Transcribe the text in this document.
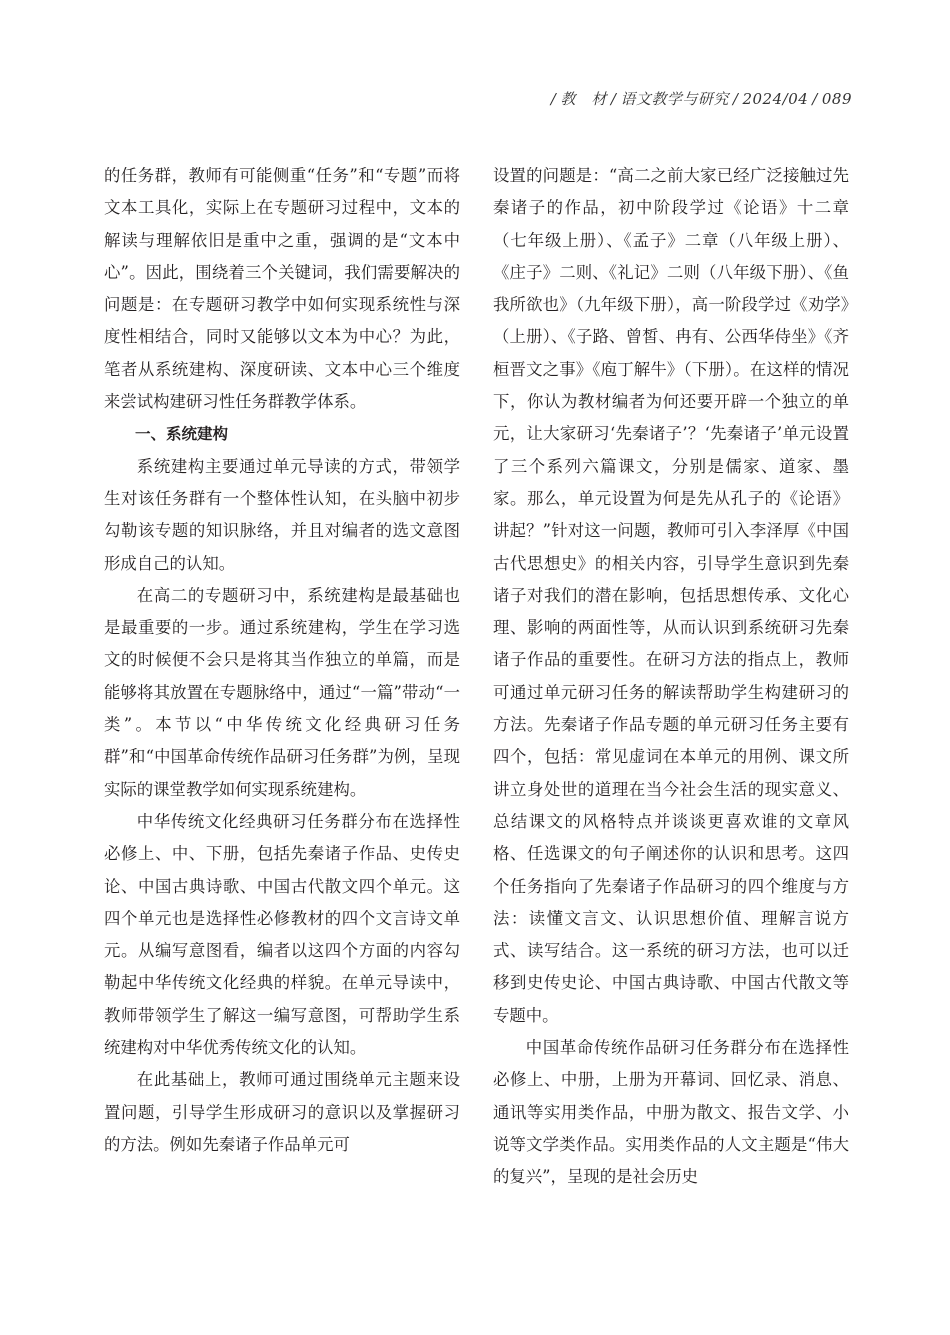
/ 教　材 / 语文教学与研究 / 2024/04 / 089

的任务群，教师有可能侧重“任务”和“专题”而将文本工具化，实际上在专题研习过程中，文本的解读与理解依旧是重中之重，强调的是“文本中心”。因此，围绕着三个关键词，我们需要解决的问题是：在专题研习教学中如何实现系统性与深度性相结合，同时又能够以文本为中心？为此，笔者从系统建构、深度研读、文本中心三个维度来尝试构建研习性任务群教学体系。

一、系统建构

系统建构主要通过单元导读的方式，带领学生对该任务群有一个整体性认知，在头脑中初步勾勒该专题的知识脉络，并且对编者的选文意图形成自己的认知。

在高二的专题研习中，系统建构是最基础也是最重要的一步。通过系统建构，学生在学习选文的时候便不会只是将其当作独立的单篇，而是能够将其放置在专题脉络中，通过“一篇”带动“一类”。本节以“中华传统文化经典研习任务群”和“中国革命传统作品研习任务群”为例，呈现实际的课堂教学如何实现系统建构。

中华传统文化经典研习任务群分布在选择性必修上、中、下册，包括先秦诸子作品、史传史论、中国古典诗歌、中国古代散文四个单元。这四个单元也是选择性必修教材的四个文言诗文单元。从编写意图看，编者以这四个方面的内容勾勒起中华传统文化经典的样貌。在单元导读中，教师带领学生了解这一编写意图，可帮助学生系统建构对中华优秀传统文化的认知。

在此基础上，教师可通过围绕单元主题来设置问题，引导学生形成研习的意识以及掌握研习的方法。例如先秦诸子作品单元可

设置的问题是：“高二之前大家已经广泛接触过先秦诸子的作品，初中阶段学过《论语》十二章（七年级上册）、《孟子》二章（八年级上册）、《庄子》二则、《礼记》二则（八年级下册）、《鱼我所欲也》（九年级下册），高一阶段学过《劝学》（上册）、《子路、曾皙、冉有、公西华侍坐》《齐桓晋文之事》《庖丁解牛》（下册）。在这样的情况下，你认为教材编者为何还要开辟一个独立的单元，让大家研习‘先秦诸子’？‘先秦诸子’单元设置了三个系列六篇课文，分别是儒家、道家、墨家。那么，单元设置为何是先从孔子的《论语》讲起？”针对这一问题，教师可引入李泽厚《中国古代思想史》的相关内容，引导学生意识到先秦诸子对我们的潜在影响，包括思想传承、文化心理、影响的两面性等，从而认识到系统研习先秦诸子作品的重要性。在研习方法的指点上，教师可通过单元研习任务的解读帮助学生构建研习的方法。先秦诸子作品专题的单元研习任务主要有四个，包括：常见虚词在本单元的用例、课文所讲立身处世的道理在当今社会生活的现实意义、总结课文的风格特点并谈谈更喜欢谁的文章风格、任选课文的句子阐述你的认识和思考。这四个任务指向了先秦诸子作品研习的四个维度与方法：读懂文言文、认识思想价值、理解言说方式、读写结合。这一系统的研习方法，也可以迁移到史传史论、中国古典诗歌、中国古代散文等专题中。

中国革命传统作品研习任务群分布在选择性必修上、中册，上册为开幕词、回忆录、消息、通讯等实用类作品，中册为散文、报告文学、小说等文学类作品。实用类作品的人文主题是“伟大的复兴”，呈现的是社会历史
